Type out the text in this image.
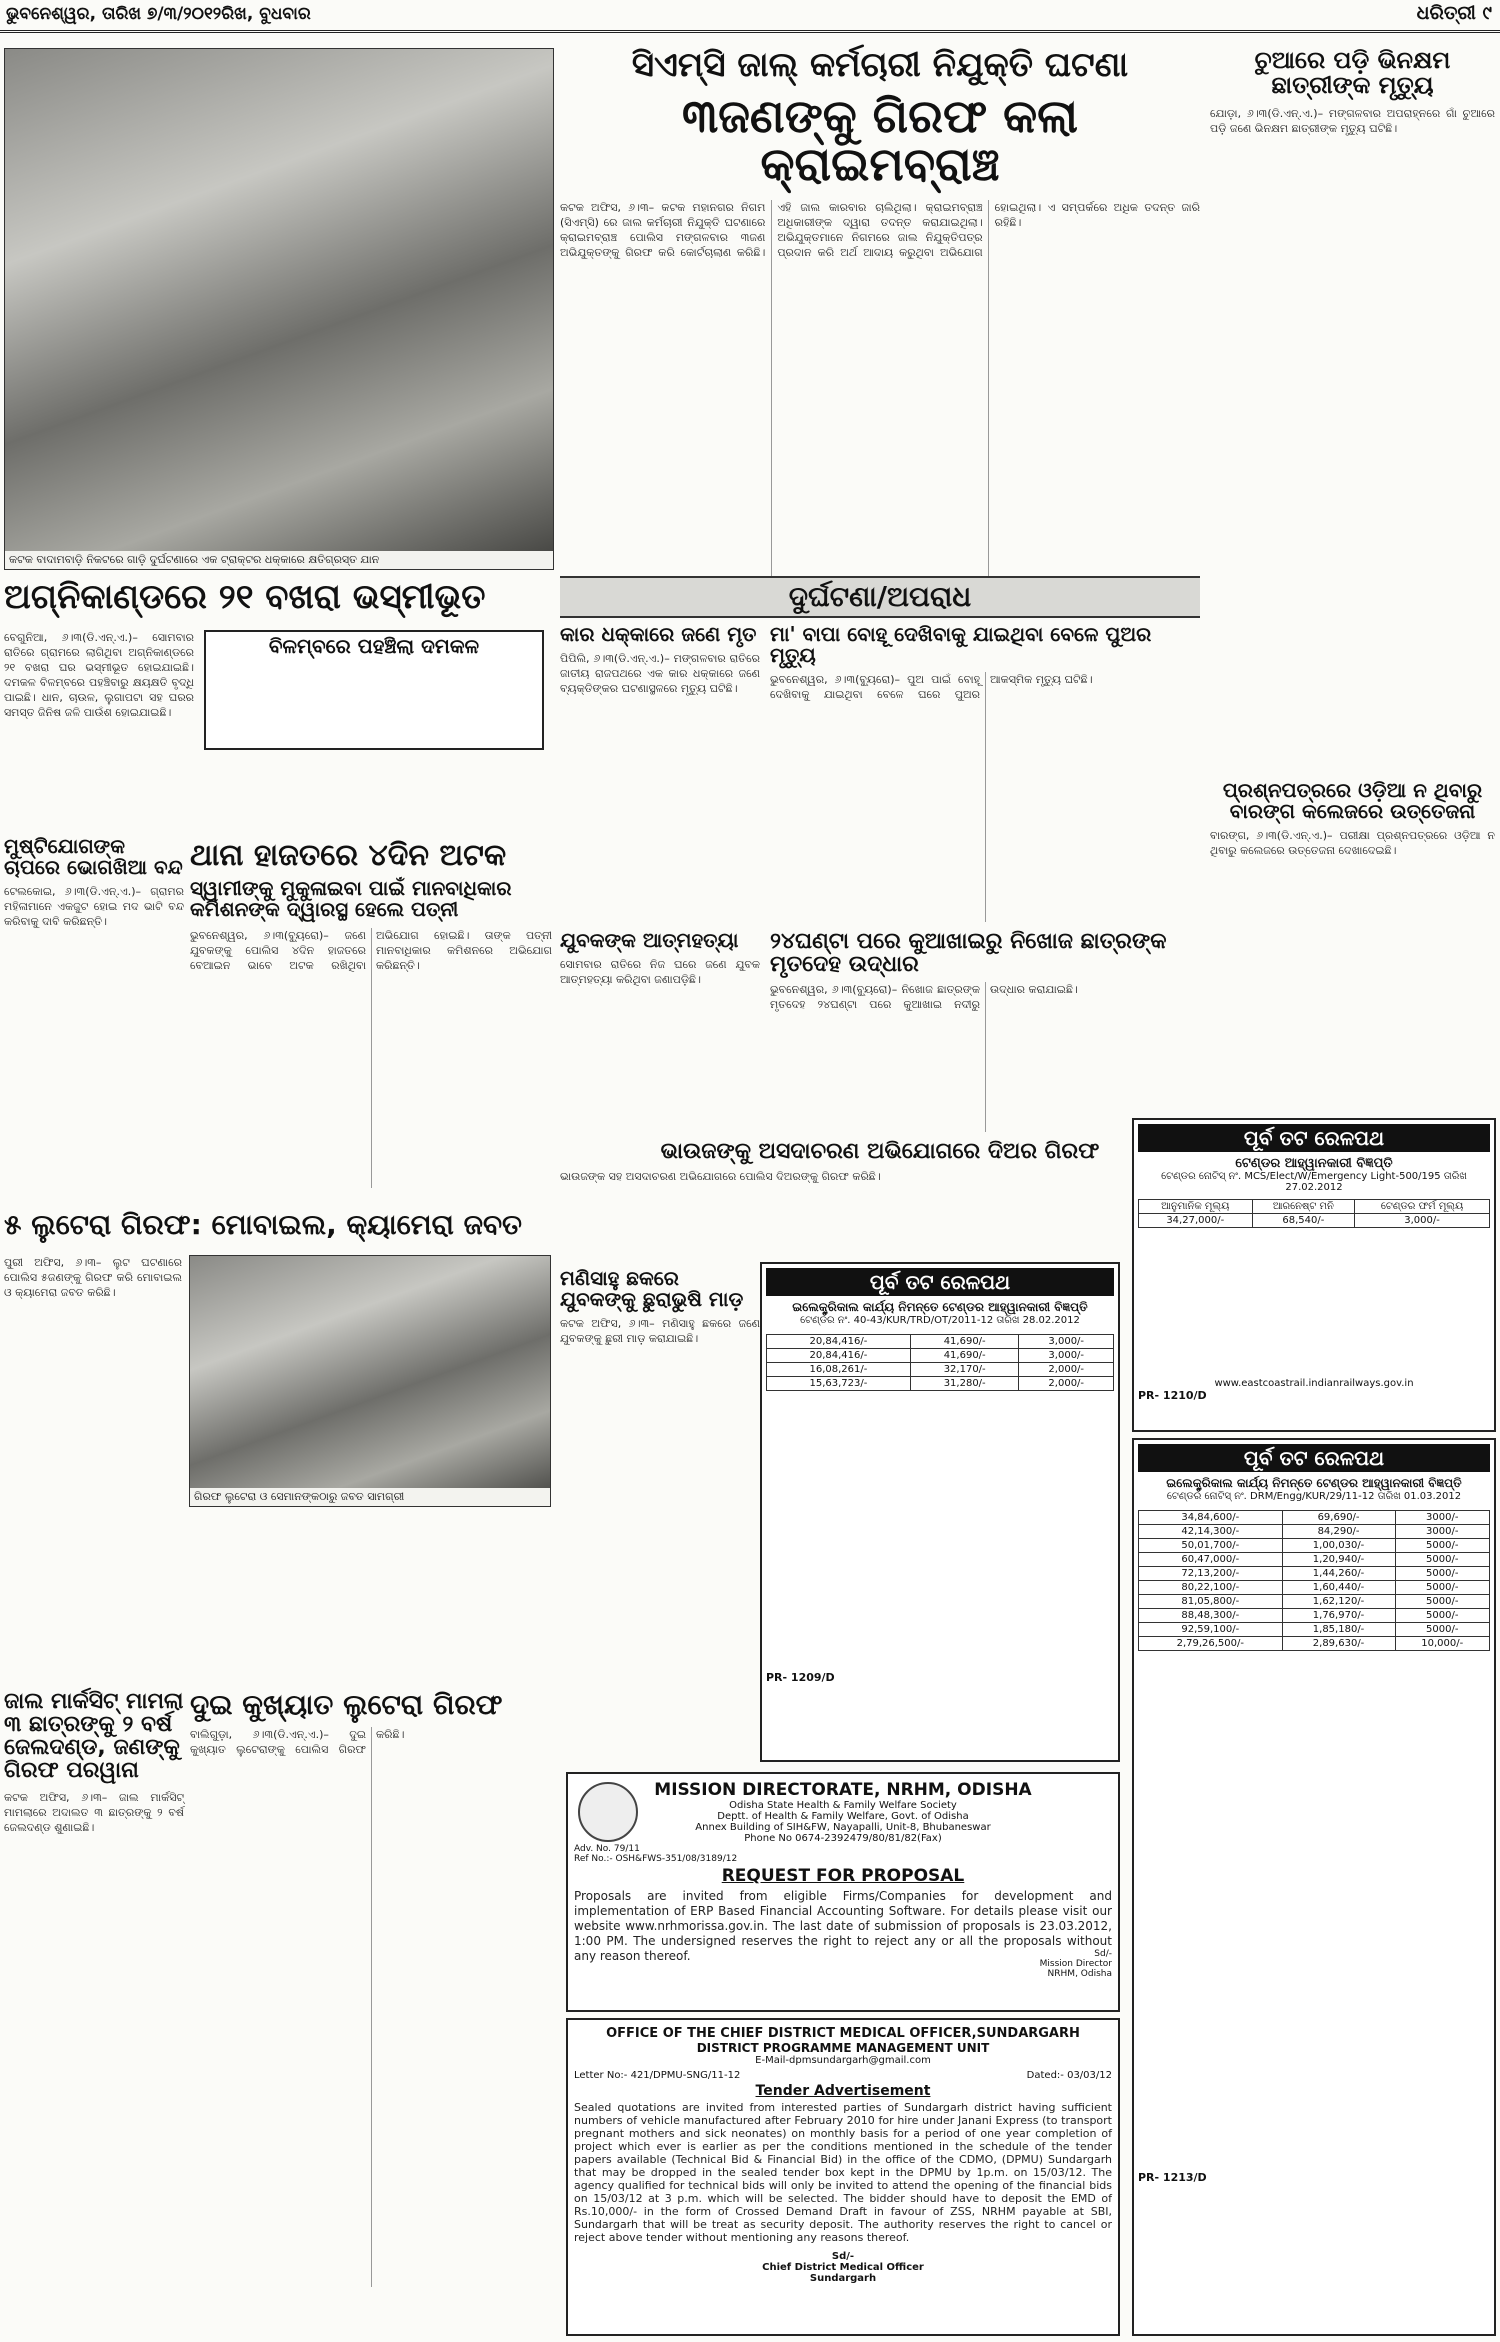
ଭୁବନେଶ୍ୱର, ତାରିଖ ୭/୩/୨୦୧୨ରିଖ, ବୁଧବାର	ଧରିତ୍ରୀ ୯
କଟକ ବାଦାମବାଡ଼ି ନିକଟରେ ଗାଡ଼ି ଦୁର୍ଘଟଣାରେ ଏକ ଟ୍ରାକ୍ଟର ଧକ୍କାରେ କ୍ଷତିଗ୍ରସ୍ତ ଯାନ
ସିଏମ୍‌ସି ଜାଲ୍ କର୍ମଚାରୀ ନିଯୁକ୍ତି ଘଟଣା
୩ଜଣଙ୍କୁ ଗିରଫ କଲା କ୍ରାଇମବ୍ରାଞ୍ଚ
କଟକ ଅଫିସ, ୬।୩– କଟକ ମହାନଗର ନିଗମ (ସିଏମ୍‌ସି) ରେ ଜାଲ କର୍ମଚାରୀ ନିଯୁକ୍ତି ଘଟଣାରେ କ୍ରାଇମବ୍ରାଞ୍ଚ ପୋଲିସ ମଙ୍ଗଳବାର ୩ଜଣ ଅଭିଯୁକ୍ତଙ୍କୁ ଗିରଫ କରି କୋର୍ଟଚାଲାଣ କରିଛି। ଏହି ଜାଲ କାରବାର ଚାଲିଥିଲା। କ୍ରାଇମବ୍ରାଞ୍ଚ ଅଧିକାରୀଙ୍କ ଦ୍ୱାରା ତଦନ୍ତ କରାଯାଇଥିଲା। ଅଭିଯୁକ୍ତମାନେ ନିଗମରେ ଜାଲ ନିଯୁକ୍ତିପତ୍ର ପ୍ରଦାନ କରି ଅର୍ଥ ଆଦାୟ କରୁଥିବା ଅଭିଯୋଗ ହୋଇଥିଲା। ଏ ସମ୍ପର୍କରେ ଅଧିକ ତଦନ୍ତ ଜାରି ରହିଛି।
ଚୁଆରେ ପଡ଼ି ଭିନକ୍ଷମ ଛାତ୍ରୀଙ୍କ ମୃତ୍ୟୁ
ଯୋଡ଼ା, ୬।୩(ଡି.ଏନ୍.ଏ.)– ମଙ୍ଗଳବାର ଅପରାହ୍ନରେ ଗାଁ ଚୁଆରେ ପଡ଼ି ଜଣେ ଭିନକ୍ଷମ ଛାତ୍ରୀଙ୍କ ମୃତ୍ୟୁ ଘଟିଛି।
ଅଗ୍ନିକାଣ୍ଡରେ ୨୧ ବଖରା ଭସ୍ମୀଭୂତ
ବିଳମ୍ବରେ ପହଞ୍ଚିଲା ଦମକଳ
ବେଗୁନିଆ, ୬।୩(ଡି.ଏନ୍.ଏ.)– ସୋମବାର ରାତିରେ ଗ୍ରାମରେ ଲାଗିଥିବା ଅଗ୍ନିକାଣ୍ଡରେ ୨୧ ବଖରା ଘର ଭସ୍ମୀଭୂତ ହୋଇଯାଇଛି। ଦମକଳ ବିଳମ୍ବରେ ପହଞ୍ଚିବାରୁ କ୍ଷୟକ୍ଷତି ବୃଦ୍ଧି ପାଇଛି। ଧାନ, ଚାଉଳ, ଲୁଗାପଟା ସହ ଘରର ସମସ୍ତ ଜିନିଷ ଜଳି ପାଉଁଶ ହୋଇଯାଇଛି।
ମୁଷ୍ଟିଯୋଗଙ୍କ ଚାପରେ ଭୋଗଖିଆ ବନ୍ଦ
ଟେଲକୋଇ, ୬।୩(ଡି.ଏନ୍.ଏ.)– ଗ୍ରାମର ମହିଳାମାନେ ଏକଜୁଟ ହୋଇ ମଦ ଭାଟି ବନ୍ଦ କରିବାକୁ ଦାବି କରିଛନ୍ତି।
ଥାନା ହାଜତରେ ୪ଦିନ ଅଟକ
ସ୍ୱାମୀଙ୍କୁ ମୁକୁଳାଇବା ପାଇଁ ମାନବାଧିକାର କମିଶନଙ୍କ ଦ୍ୱାରସ୍ଥ ହେଲେ ପତ୍ନୀ
ଭୁବନେଶ୍ୱର, ୬।୩(ବ୍ୟୁରୋ)– ଜଣେ ଯୁବକଙ୍କୁ ପୋଲିସ ୪ଦିନ ହାଜତରେ ବେଆଇନ ଭାବେ ଅଟକ ରଖିଥିବା ଅଭିଯୋଗ ହୋଇଛି। ତାଙ୍କ ପତ୍ନୀ ମାନବାଧିକାର କମିଶନରେ ଅଭିଯୋଗ କରିଛନ୍ତି।
୫ ଲୁଟେରା ଗିରଫ: ମୋବାଇଲ, କ୍ୟାମେରା ଜବତ
ଗିରଫ ଲୁଟେରା ଓ ସେମାନଙ୍କଠାରୁ ଜବତ ସାମଗ୍ରୀ
ପୁରୀ ଅଫିସ, ୬।୩– ଲୁଟ ଘଟଣାରେ ପୋଲିସ ୫ଜଣଙ୍କୁ ଗିରଫ କରି ମୋବାଇଲ ଓ କ୍ୟାମେରା ଜବତ କରିଛି।
ଜାଲ ମାର୍କସିଟ୍ ମାମଲା ୩ ଛାତ୍ରଙ୍କୁ ୨ ବର୍ଷ ଜେଲଦଣ୍ଡ, ଜଣଙ୍କୁ ଗିରଫ ପରୱାନା
କଟକ ଅଫିସ, ୬।୩– ଜାଲ ମାର୍କସିଟ୍ ମାମଲାରେ ଅଦାଲତ ୩ ଛାତ୍ରଙ୍କୁ ୨ ବର୍ଷ ଜେଲଦଣ୍ଡ ଶୁଣାଇଛି।
ଦୁଇ କୁଖ୍ୟାତ ଲୁଟେରା ଗିରଫ
ବାଲିଗୁଡ଼ା, ୬।୩(ଡି.ଏନ୍.ଏ.)– ଦୁଇ କୁଖ୍ୟାତ ଲୁଟେରାଙ୍କୁ ପୋଲିସ ଗିରଫ କରିଛି।
ଦୁର୍ଘଟଣା/ଅପରାଧ
କାର ଧକ୍କାରେ ଜଣେ ମୃତ
ପିପିଲି, ୬।୩(ଡି.ଏନ୍.ଏ.)– ମଙ୍ଗଳବାର ରାତିରେ ଜାତୀୟ ରାଜପଥରେ ଏକ କାର ଧକ୍କାରେ ଜଣେ ବ୍ୟକ୍ତିଙ୍କର ଘଟଣାସ୍ଥଳରେ ମୃତ୍ୟୁ ଘଟିଛି।
ମା' ବାପା ବୋହୂ ଦେଖିବାକୁ ଯାଇଥିବା ବେଳେ ପୁଅର ମୃତ୍ୟୁ
ଭୁବନେଶ୍ୱର, ୬।୩(ବ୍ୟୁରୋ)– ପୁଅ ପାଇଁ ବୋହୂ ଦେଖିବାକୁ ଯାଇଥିବା ବେଳେ ଘରେ ପୁଅର ଆକସ୍ମିକ ମୃତ୍ୟୁ ଘଟିଛି।
ଯୁବକଙ୍କ ଆତ୍ମହତ୍ୟା
ସୋମବାର ରାତିରେ ନିଜ ଘରେ ଜଣେ ଯୁବକ ଆତ୍ମହତ୍ୟା କରିଥିବା ଜଣାପଡ଼ିଛି।
୨୪ଘଣ୍ଟା ପରେ କୁଆଖାଇରୁ ନିଖୋଜ ଛାତ୍ରଙ୍କ ମୃତଦେହ ଉଦ୍ଧାର
ଭୁବନେଶ୍ୱର, ୬।୩(ବ୍ୟୁରୋ)– ନିଖୋଜ ଛାତ୍ରଙ୍କ ମୃତଦେହ ୨୪ଘଣ୍ଟା ପରେ କୁଆଖାଇ ନଦୀରୁ ଉଦ୍ଧାର କରାଯାଇଛି।
ଭାଉଜଙ୍କୁ ଅସଦାଚରଣ ଅଭିଯୋଗରେ ଦିଅର ଗିରଫ
ଭାଉଜଙ୍କ ସହ ଅସଦାଚରଣ ଅଭିଯୋଗରେ ପୋଲିସ ଦିଅରଙ୍କୁ ଗିରଫ କରିଛି।
ମଣିସାହୁ ଛକରେ ଯୁବକଙ୍କୁ ଛୁରାଭୁଷି ମାଡ଼
କଟକ ଅଫିସ, ୬।୩– ମଣିସାହୁ ଛକରେ ଜଣେ ଯୁବକଙ୍କୁ ଛୁରୀ ମାଡ଼ କରାଯାଇଛି।
ପ୍ରଶ୍ନପତ୍ରରେ ଓଡ଼ିଆ ନ ଥିବାରୁ ବାରଙ୍ଗ କଲେଜରେ ଉତ୍ତେଜନା
ବାରଙ୍ଗ, ୬।୩(ଡି.ଏନ୍.ଏ.)– ପରୀକ୍ଷା ପ୍ରଶ୍ନପତ୍ରରେ ଓଡ଼ିଆ ନ ଥିବାରୁ କଲେଜରେ ଉତ୍ତେଜନା ଦେଖାଦେଇଛି।
ପୂର୍ବ ତଟ ରେଳପଥ
ଟେଣ୍ଡର ଆହ୍ୱାନକାରୀ ବିଜ୍ଞପ୍ତି
ଟେଣ୍ଡର ନୋଟିସ୍ ନଂ. MCS/Elect/W/Emergency Light-500/195 ତାରିଖ 27.02.2012
ଆନୁମାନିକ ମୂଲ୍ୟ	ଆରନେଷ୍ଟ ମନି	ଟେଣ୍ଡର ଫର୍ମ ମୂଲ୍ୟ
34,27,000/-	68,540/-	3,000/-
www.eastcoastrail.indianrailways.gov.in
PR- 1210/D
ପୂର୍ବ ତଟ ରେଳପଥ
ଇଲେକ୍ଟ୍ରିକାଲ କାର୍ଯ୍ୟ ନିମନ୍ତେ ଟେଣ୍ଡର ଆହ୍ୱାନକାରୀ ବିଜ୍ଞପ୍ତି
ଟେଣ୍ଡର ନଂ. 40-43/KUR/TRD/OT/2011-12 ତାରିଖ 28.02.2012
20,84,416/-	41,690/-	3,000/-
20,84,416/-	41,690/-	3,000/-
16,08,261/-	32,170/-	2,000/-
15,63,723/-	31,280/-	2,000/-
PR- 1209/D
MISSION DIRECTORATE, NRHM, ODISHA
Odisha State Health & Family Welfare Society
Deptt. of Health & Family Welfare, Govt. of Odisha
Annex Building of SIH&FW, Nayapalli, Unit-8, Bhubaneswar
Phone No 0674-2392479/80/81/82(Fax)
Adv. No. 79/11
Ref No.:- OSH&FWS-351/08/3189/12
REQUEST FOR PROPOSAL
Proposals are invited from eligible Firms/Companies for development and implementation of ERP Based Financial Accounting Software. For details please visit our website www.nrhmorissa.gov.in. The last date of submission of proposals is 23.03.2012, 1:00 PM. The undersigned reserves the right to reject any or all the proposals without any reason thereof.	Sd/-
Mission Director
NRHM, Odisha
OFFICE OF THE CHIEF DISTRICT MEDICAL OFFICER,SUNDARGARH
DISTRICT PROGRAMME MANAGEMENT UNIT
E-Mail-dpmsundargarh@gmail.com
Letter No:- 421/DPMU-SNG/11-12	Dated:- 03/03/12
Tender Advertisement
Sealed quotations are invited from interested parties of Sundargarh district having sufficient numbers of vehicle manufactured after February 2010 for hire under Janani Express (to transport pregnant mothers and sick neonates) on monthly basis for a period of one year completion of project which ever is earlier as per the conditions mentioned in the schedule of the tender papers available (Technical Bid & Financial Bid) in the office of the CDMO, (DPMU) Sundargarh that may be dropped in the sealed tender box kept in the DPMU by 1p.m. on 15/03/12. The agency qualified for technical bids will only be invited to attend the opening of the financial bids on 15/03/12 at 3 p.m. which will be selected. The bidder should have to deposit the EMD of Rs.10,000/- in the form of Crossed Demand Draft in favour of ZSS, NRHM payable at SBI, Sundargarh that will be treat as security deposit. The authority reserves the right to cancel or reject above tender without mentioning any reasons thereof.
Sd/-
Chief District Medical Officer
Sundargarh
ପୂର୍ବ ତଟ ରେଳପଥ
ଇଲେକ୍ଟ୍ରିକାଲ କାର୍ଯ୍ୟ ନିମନ୍ତେ ଟେଣ୍ଡର ଆହ୍ୱାନକାରୀ ବିଜ୍ଞପ୍ତି
ଟେଣ୍ଡର ନୋଟିସ୍ ନଂ. DRM/Engg/KUR/29/11-12 ତାରିଖ 01.03.2012
34,84,600/-	69,690/-	3000/-
42,14,300/-	84,290/-	3000/-
50,01,700/-	1,00,030/-	5000/-
60,47,000/-	1,20,940/-	5000/-
72,13,200/-	1,44,260/-	5000/-
80,22,100/-	1,60,440/-	5000/-
81,05,800/-	1,62,120/-	5000/-
88,48,300/-	1,76,970/-	5000/-
92,59,100/-	1,85,180/-	5000/-
2,79,26,500/-	2,89,630/-	10,000/-
PR- 1213/D
